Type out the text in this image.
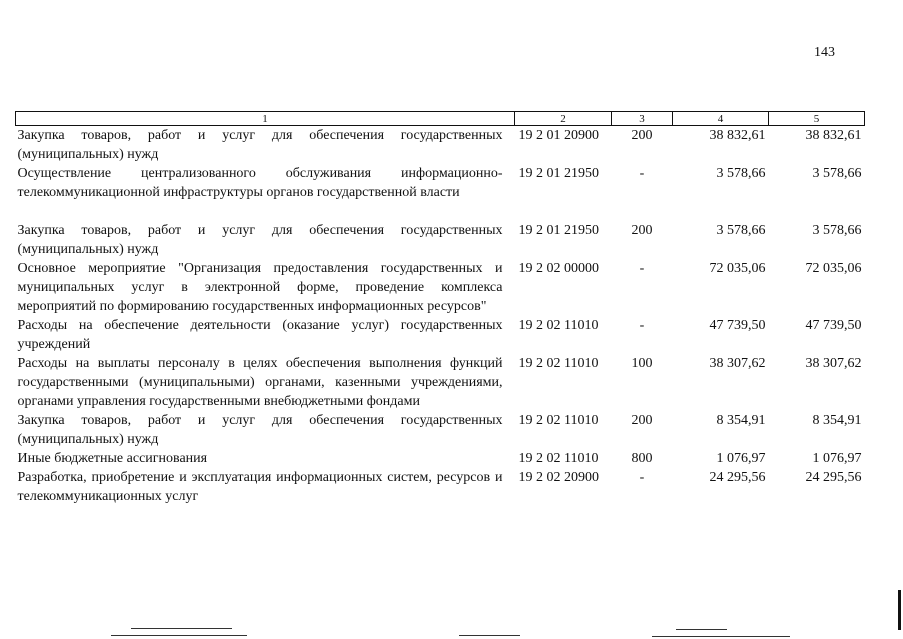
143
1	2	3	4	5
Закупка товаров, работ и услуг для обеспечения государственных (муниципальных) нужд	19 2 01 20900	200	38 832,61	38 832,61
Осуществление централизованного обслуживания информационно-телекоммуникационной инфраструктуры органов государственной власти	19 2 01 21950	-	3 578,66	3 578,66

Закупка товаров, работ и услуг для обеспечения государственных (муниципальных) нужд	19 2 01 21950	200	3 578,66	3 578,66
Основное мероприятие "Организация предоставления государственных и муниципальных услуг в электронной форме, проведение комплекса мероприятий по формированию государственных информационных ресурсов"	19 2 02 00000	-	72 035,06	72 035,06
Расходы на обеспечение деятельности (оказание услуг) государственных учреждений	19 2 02 11010	-	47 739,50	47 739,50
Расходы на выплаты персоналу в целях обеспечения выполнения функций государственными (муниципальными) органами, казенными учреждениями, органами управления государственными внебюджетными фондами	19 2 02 11010	100	38 307,62	38 307,62
Закупка товаров, работ и услуг для обеспечения государственных (муниципальных) нужд	19 2 02 11010	200	8 354,91	8 354,91
Иные бюджетные ассигнования	19 2 02 11010	800	1 076,97	1 076,97
Разработка, приобретение и эксплуатация информационных систем, ресурсов и телекоммуникационных услуг	19 2 02 20900	-	24 295,56	24 295,56
